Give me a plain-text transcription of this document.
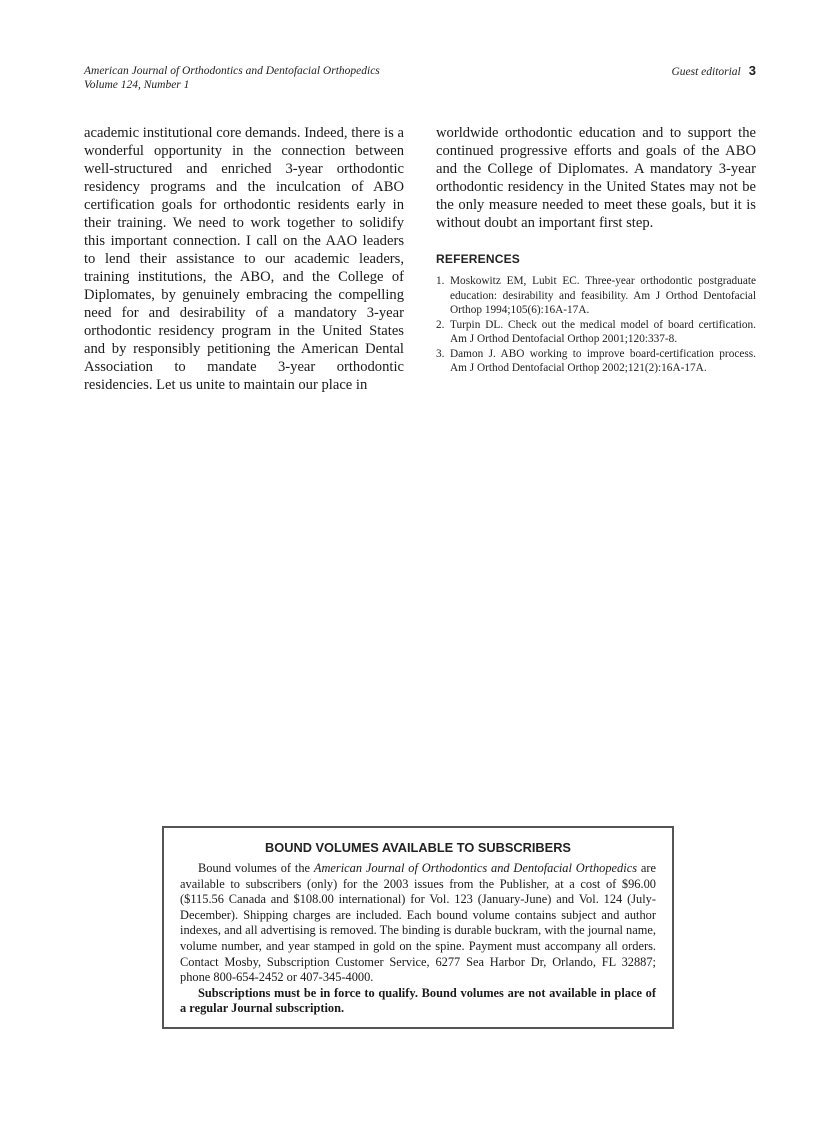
American Journal of Orthodontics and Dentofacial Orthopedics
Volume 124, Number 1
Guest editorial 3

academic institutional core demands. Indeed, there is a wonderful opportunity in the connection between well-structured and enriched 3-year orthodontic residency programs and the inculcation of ABO certification goals for orthodontic residents early in their training. We need to work together to solidify this important connection. I call on the AAO leaders to lend their assistance to our academic leaders, training institutions, the ABO, and the College of Diplomates, by genuinely embracing the compelling need for and desirability of a mandatory 3-year orthodontic residency program in the United States and by responsibly petitioning the American Dental Association to mandate 3-year orthodontic residencies. Let us unite to maintain our place in

worldwide orthodontic education and to support the continued progressive efforts and goals of the ABO and the College of Diplomates. A mandatory 3-year orthodontic residency in the United States may not be the only measure needed to meet these goals, but it is without doubt an important first step.

REFERENCES
1. Moskowitz EM, Lubit EC. Three-year orthodontic postgraduate education: desirability and feasibility. Am J Orthod Dentofacial Orthop 1994;105(6):16A-17A.
2. Turpin DL. Check out the medical model of board certification. Am J Orthod Dentofacial Orthop 2001;120:337-8.
3. Damon J. ABO working to improve board-certification process. Am J Orthod Dentofacial Orthop 2002;121(2):16A-17A.
BOUND VOLUMES AVAILABLE TO SUBSCRIBERS

Bound volumes of the American Journal of Orthodontics and Dentofacial Orthopedics are available to subscribers (only) for the 2003 issues from the Publisher, at a cost of $96.00 ($115.56 Canada and $108.00 international) for Vol. 123 (January-June) and Vol. 124 (July-December). Shipping charges are included. Each bound volume contains subject and author indexes, and all advertising is removed. The binding is durable buckram, with the journal name, volume number, and year stamped in gold on the spine. Payment must accompany all orders. Contact Mosby, Subscription Customer Service, 6277 Sea Harbor Dr, Orlando, FL 32887; phone 800-654-2452 or 407-345-4000.

Subscriptions must be in force to qualify. Bound volumes are not available in place of a regular Journal subscription.
